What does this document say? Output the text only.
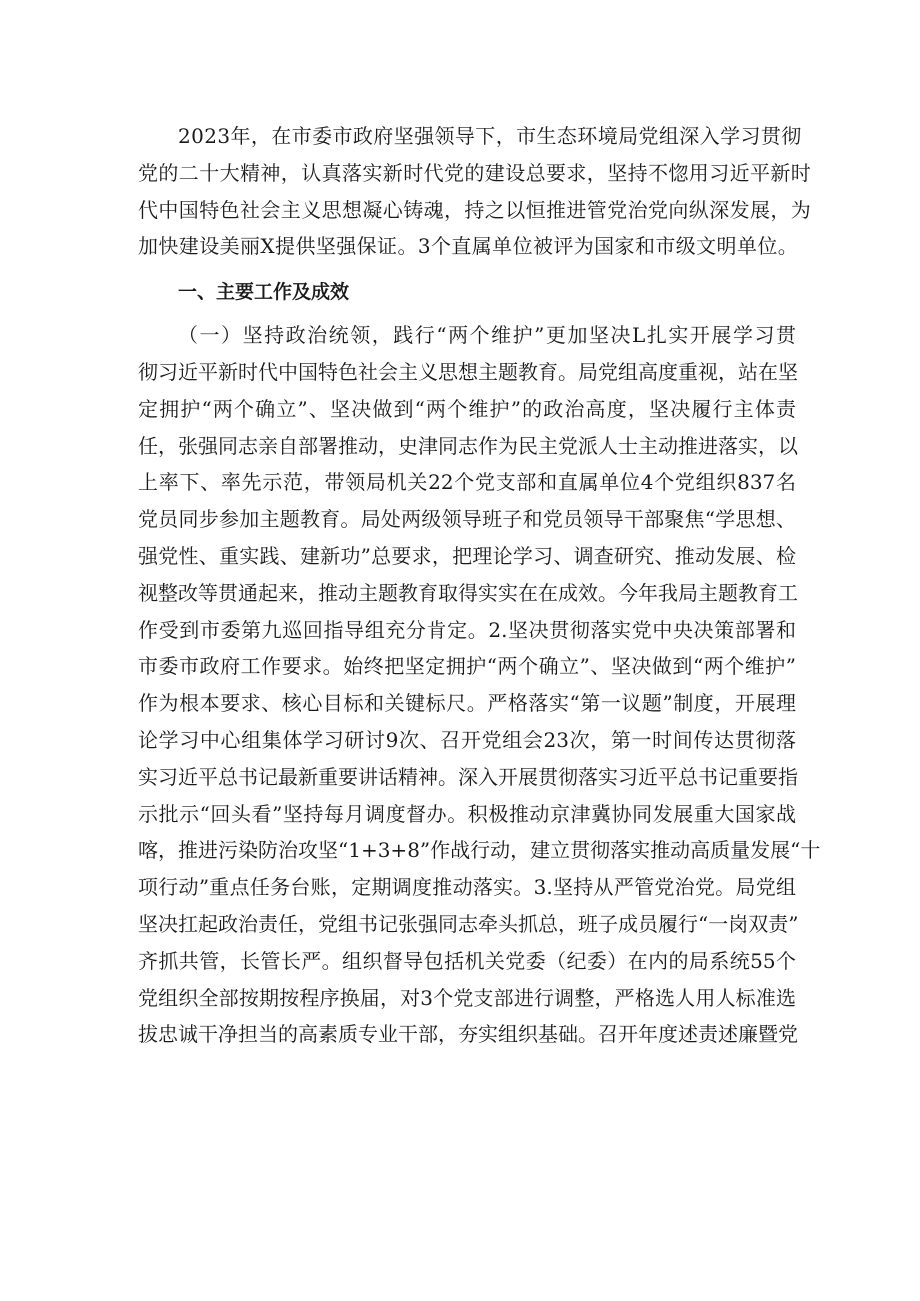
2023年，在市委市政府坚强领导下，市生态环境局党组深入学习贯彻
党的二十大精神，认真落实新时代党的建设总要求，坚持不惚用习近平新时
代中国特色社会主义思想凝心铸魂，持之以恒推进管党治党向纵深发展，为
加快建设美丽X提供坚强保证。3个直属单位被评为国家和市级文明单位。
一、主要工作及成效
（一）坚持政治统领，践行“两个维护”更加坚决L扎实开展学习贯
彻习近平新时代中国特色社会主义思想主题教育。局党组高度重视，站在坚
定拥护“两个确立”、坚决做到“两个维护”的政治高度，坚决履行主体责
任，张强同志亲自部署推动，史津同志作为民主党派人士主动推进落实，以
上率下、率先示范，带领局机关22个党支部和直属单位4个党组织837名
党员同步参加主题教育。局处两级领导班子和党员领导干部聚焦“学思想、
强党性、重实践、建新功”总要求，把理论学习、调查研究、推动发展、检
视整改等贯通起来，推动主题教育取得实实在在成效。今年我局主题教育工
作受到市委第九巡回指导组充分肯定。2.坚决贯彻落实党中央决策部署和
市委市政府工作要求。始终把坚定拥护“两个确立”、坚决做到“两个维护”
作为根本要求、核心目标和关键标尺。严格落实“第一议题”制度，开展理
论学习中心组集体学习研讨9次、召开党组会23次，第一时间传达贯彻落
实习近平总书记最新重要讲话精神。深入开展贯彻落实习近平总书记重要指
示批示“回头看”坚持每月调度督办。积极推动京津冀协同发展重大国家战
喀，推进污染防治攻坚“1+3+8”作战行动，建立贯彻落实推动高质量发展“十
项行动”重点任务台账，定期调度推动落实。3.坚持从严管党治党。局党组
坚决扛起政治责任，党组书记张强同志牵头抓总，班子成员履行“一岗双责”
齐抓共管，长管长严。组织督导包括机关党委（纪委）在内的局系统55个
党组织全部按期按程序换届，对3个党支部进行调整，严格选人用人标准选
拔忠诚干净担当的高素质专业干部，夯实组织基础。召开年度述责述廉暨党
